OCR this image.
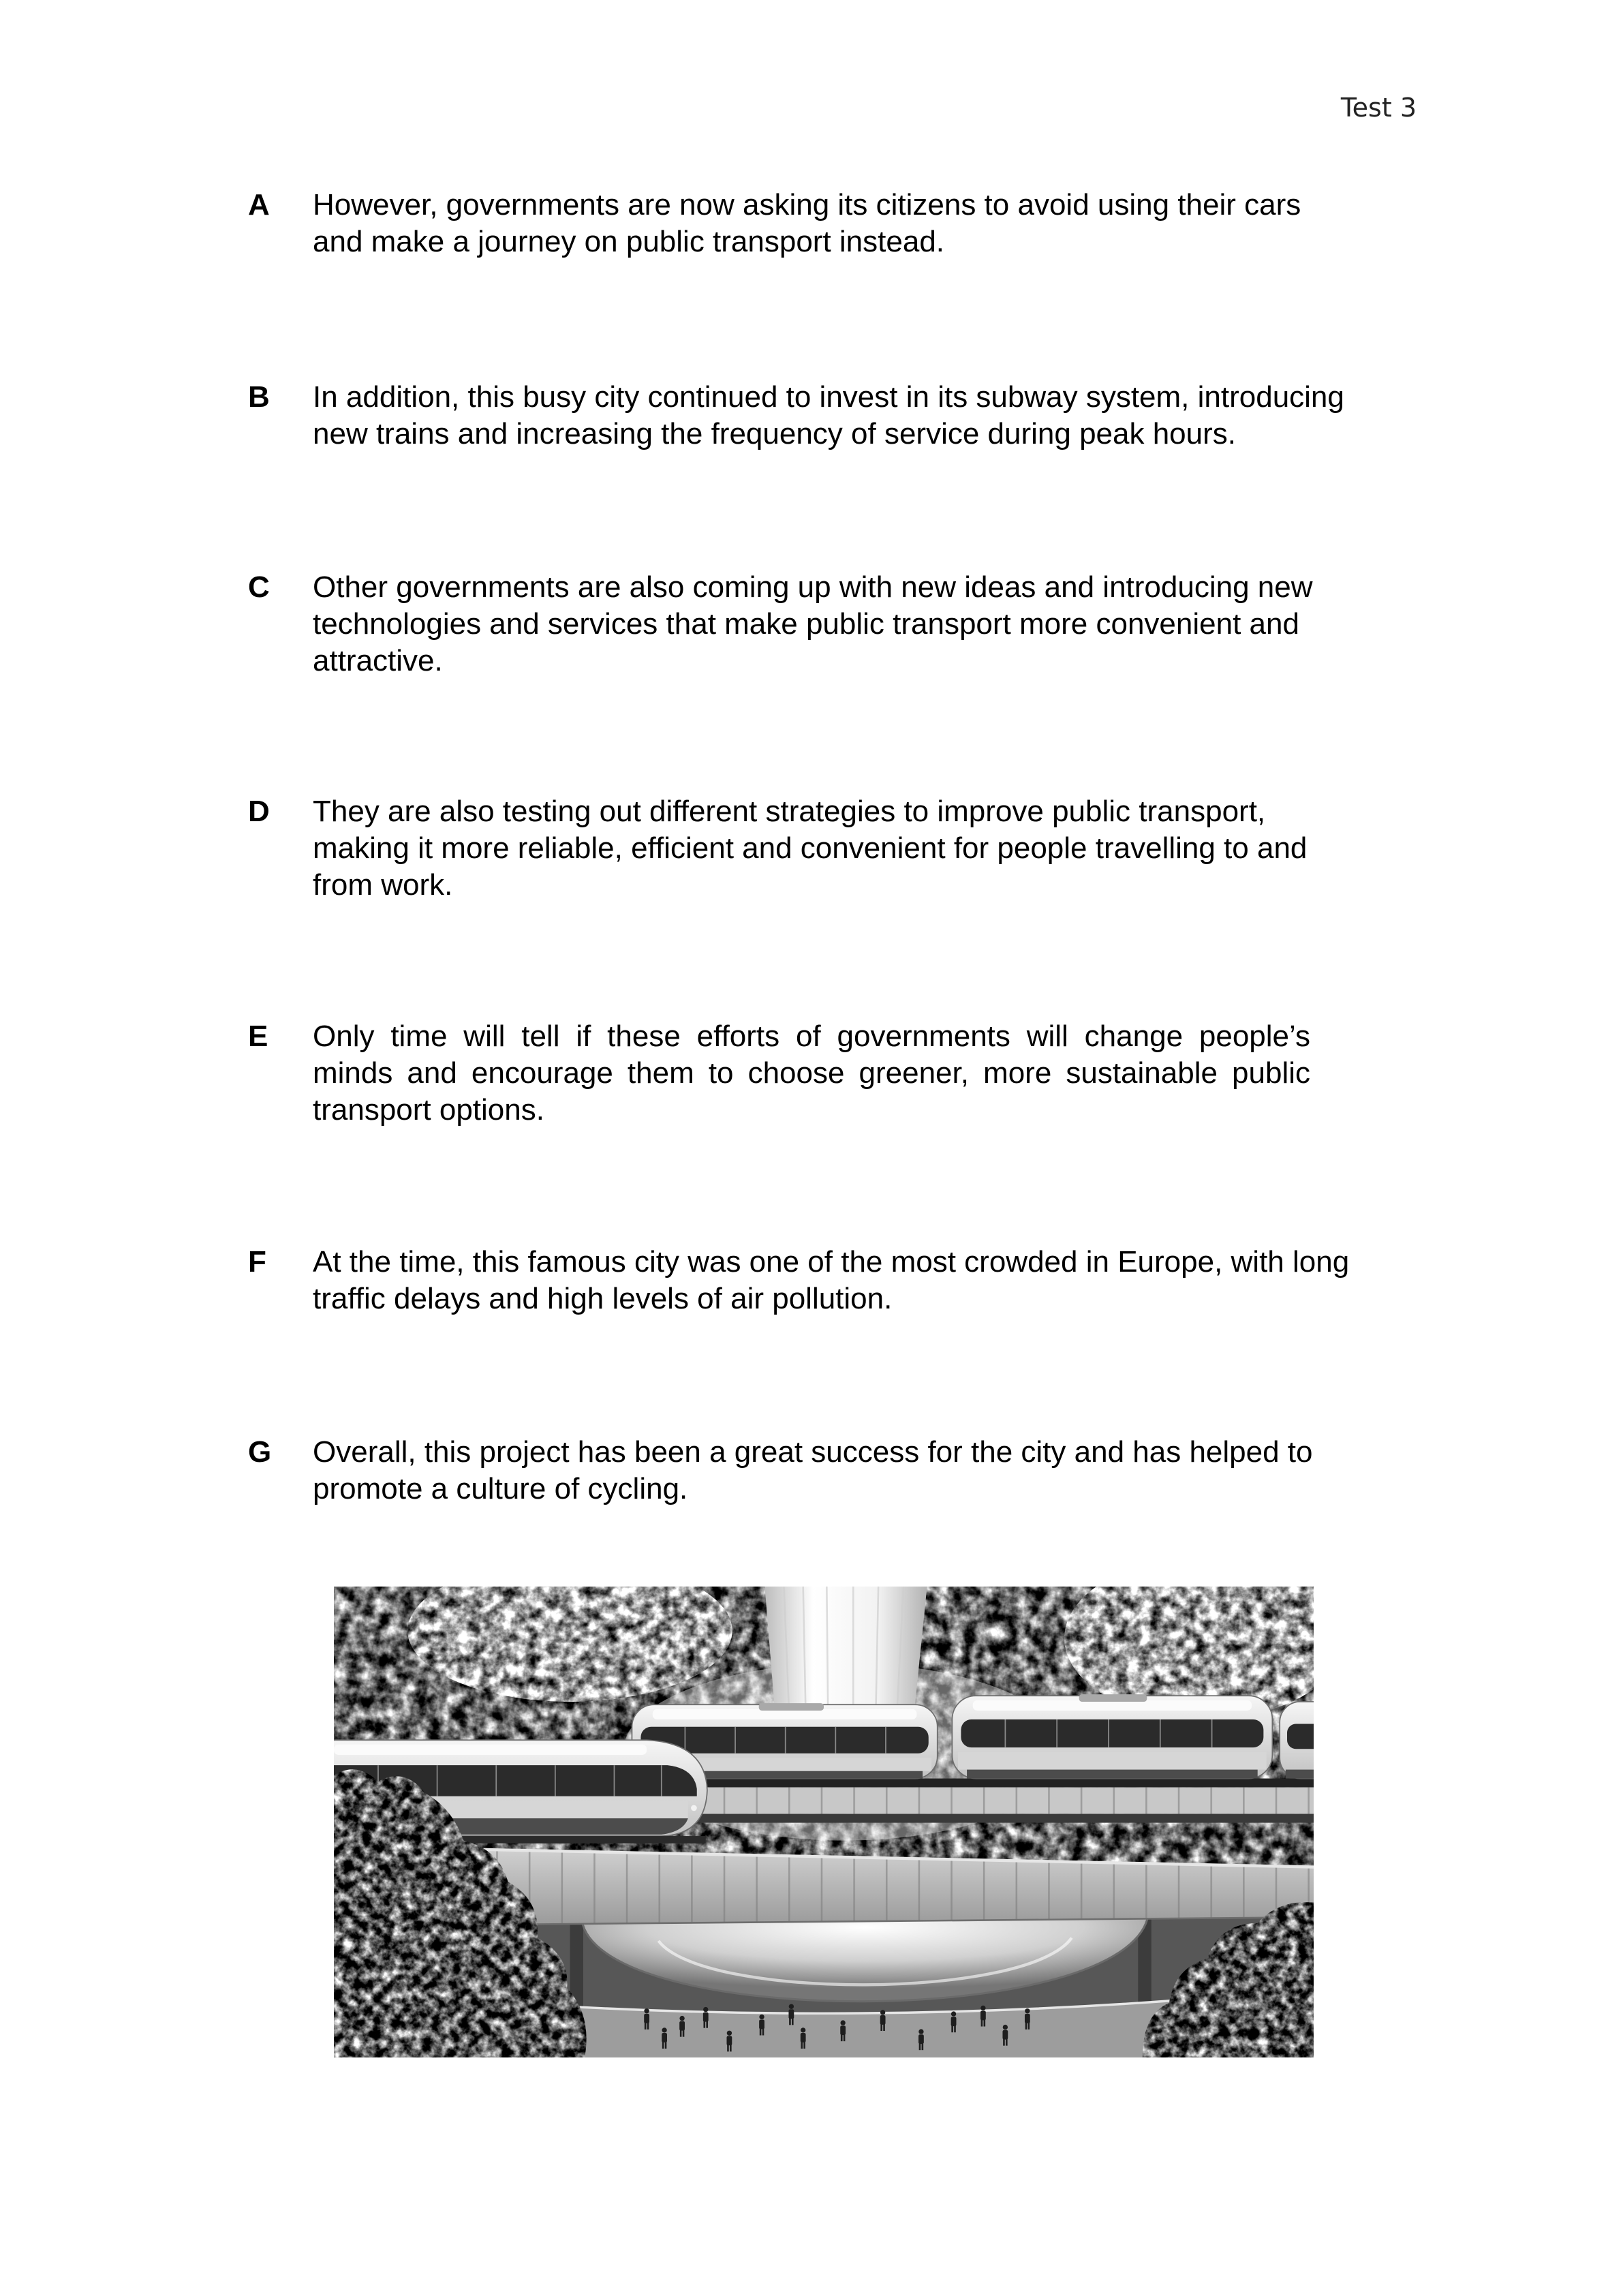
Test 3
A However, governments are now asking its citizens to avoid using their cars
and make a journey on public transport instead.
B In addition, this busy city continued to invest in its subway system, introducing
new trains and increasing the frequency of service during peak hours.
C Other governments are also coming up with new ideas and introducing new
technologies and services that make public transport more convenient and
attractive.
D They are also testing out different strategies to improve public transport,
making it more reliable, efficient and convenient for people travelling to and
from work.
E Only time will tell if these efforts of governments will change people’s
minds and encourage them to choose greener, more sustainable public
transport options.
F At the time, this famous city was one of the most crowded in Europe, with long
traffic delays and high levels of air pollution.
G Overall, this project has been a great success for the city and has helped to
promote a culture of cycling.
